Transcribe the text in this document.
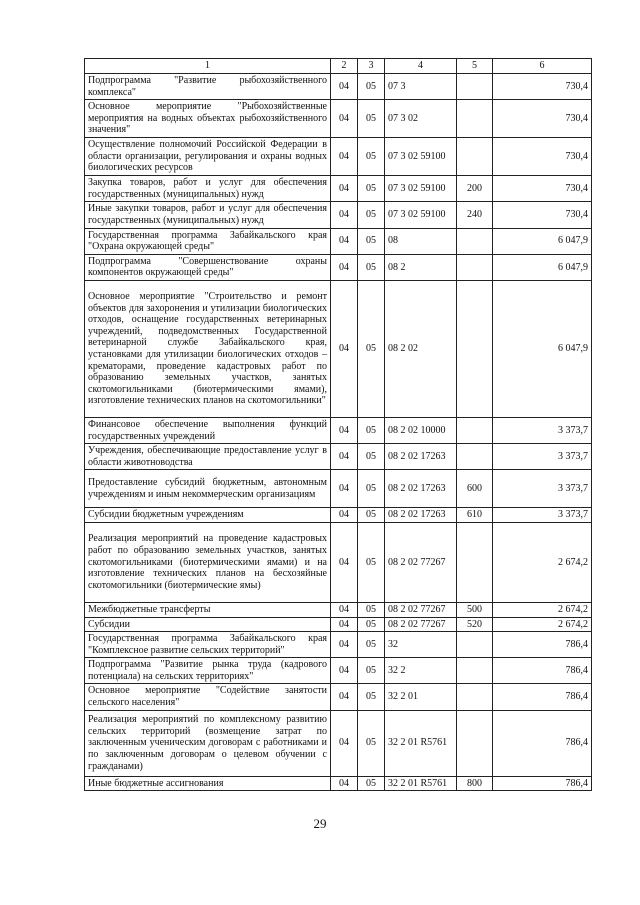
1	2	3	4	5	6
Подпрограмма "Развитие рыбохозяйственного комплекса"	04	05	07 3		730,4
Основное мероприятие "Рыбохозяйственные мероприятия на водных объектах рыбохозяйственного значения"	04	05	07 3 02		730,4
Осуществление полномочий Российской Федерации в области организации, регулирования и охраны водных биологических ресурсов	04	05	07 3 02 59100		730,4
Закупка товаров, работ и услуг для обеспечения государственных (муниципальных) нужд	04	05	07 3 02 59100	200	730,4
Иные закупки товаров, работ и услуг для обеспечения государственных (муниципальных) нужд	04	05	07 3 02 59100	240	730,4
Государственная программа Забайкальского края "Охрана окружающей среды"	04	05	08		6 047,9
Подпрограмма "Совершенствование охраны компонентов окружающей среды"	04	05	08 2		6 047,9
Основное мероприятие "Строительство и ремонт объектов для захоронения и утилизации биологических отходов, оснащение государственных ветеринарных учреждений, подведомственных Государственной ветеринарной службе Забайкальского края, установками для утилизации биологических отходов – крематорами, проведение кадастровых работ по образованию земельных участков, занятых скотомогильниками (биотермическими ямами), изготовление технических планов на скотомогильники"	04	05	08 2 02		6 047,9
Финансовое обеспечение выполнения функций государственных учреждений	04	05	08 2 02 10000		3 373,7
Учреждения, обеспечивающие предоставление услуг в области животноводства	04	05	08 2 02 17263		3 373,7
Предоставление субсидий бюджетным, автономным учреждениям и иным некоммерческим организациям	04	05	08 2 02 17263	600	3 373,7
Субсидии бюджетным учреждениям	04	05	08 2 02 17263	610	3 373,7
Реализация мероприятий на проведение кадастровых работ по образованию земельных участков, занятых скотомогильниками (биотермическими ямами) и на изготовление технических планов на бесхозяйные скотомогильники (биотермические ямы)	04	05	08 2 02 77267		2 674,2
Межбюджетные трансферты	04	05	08 2 02 77267	500	2 674,2
Субсидии	04	05	08 2 02 77267	520	2 674,2
Государственная программа Забайкальского края "Комплексное развитие сельских территорий"	04	05	32		786,4
Подпрограмма "Развитие рынка труда (кадрового потенциала) на сельских территориях"	04	05	32 2		786,4
Основное мероприятие "Содействие занятости сельского населения"	04	05	32 2 01		786,4
Реализация мероприятий по комплексному развитию сельских территорий (возмещение затрат по заключенным ученическим договорам с работниками и по заключенным договорам о целевом обучении с гражданами)	04	05	32 2 01 R5761		786,4
Иные бюджетные ассигнования	04	05	32 2 01 R5761	800	786,4
29
